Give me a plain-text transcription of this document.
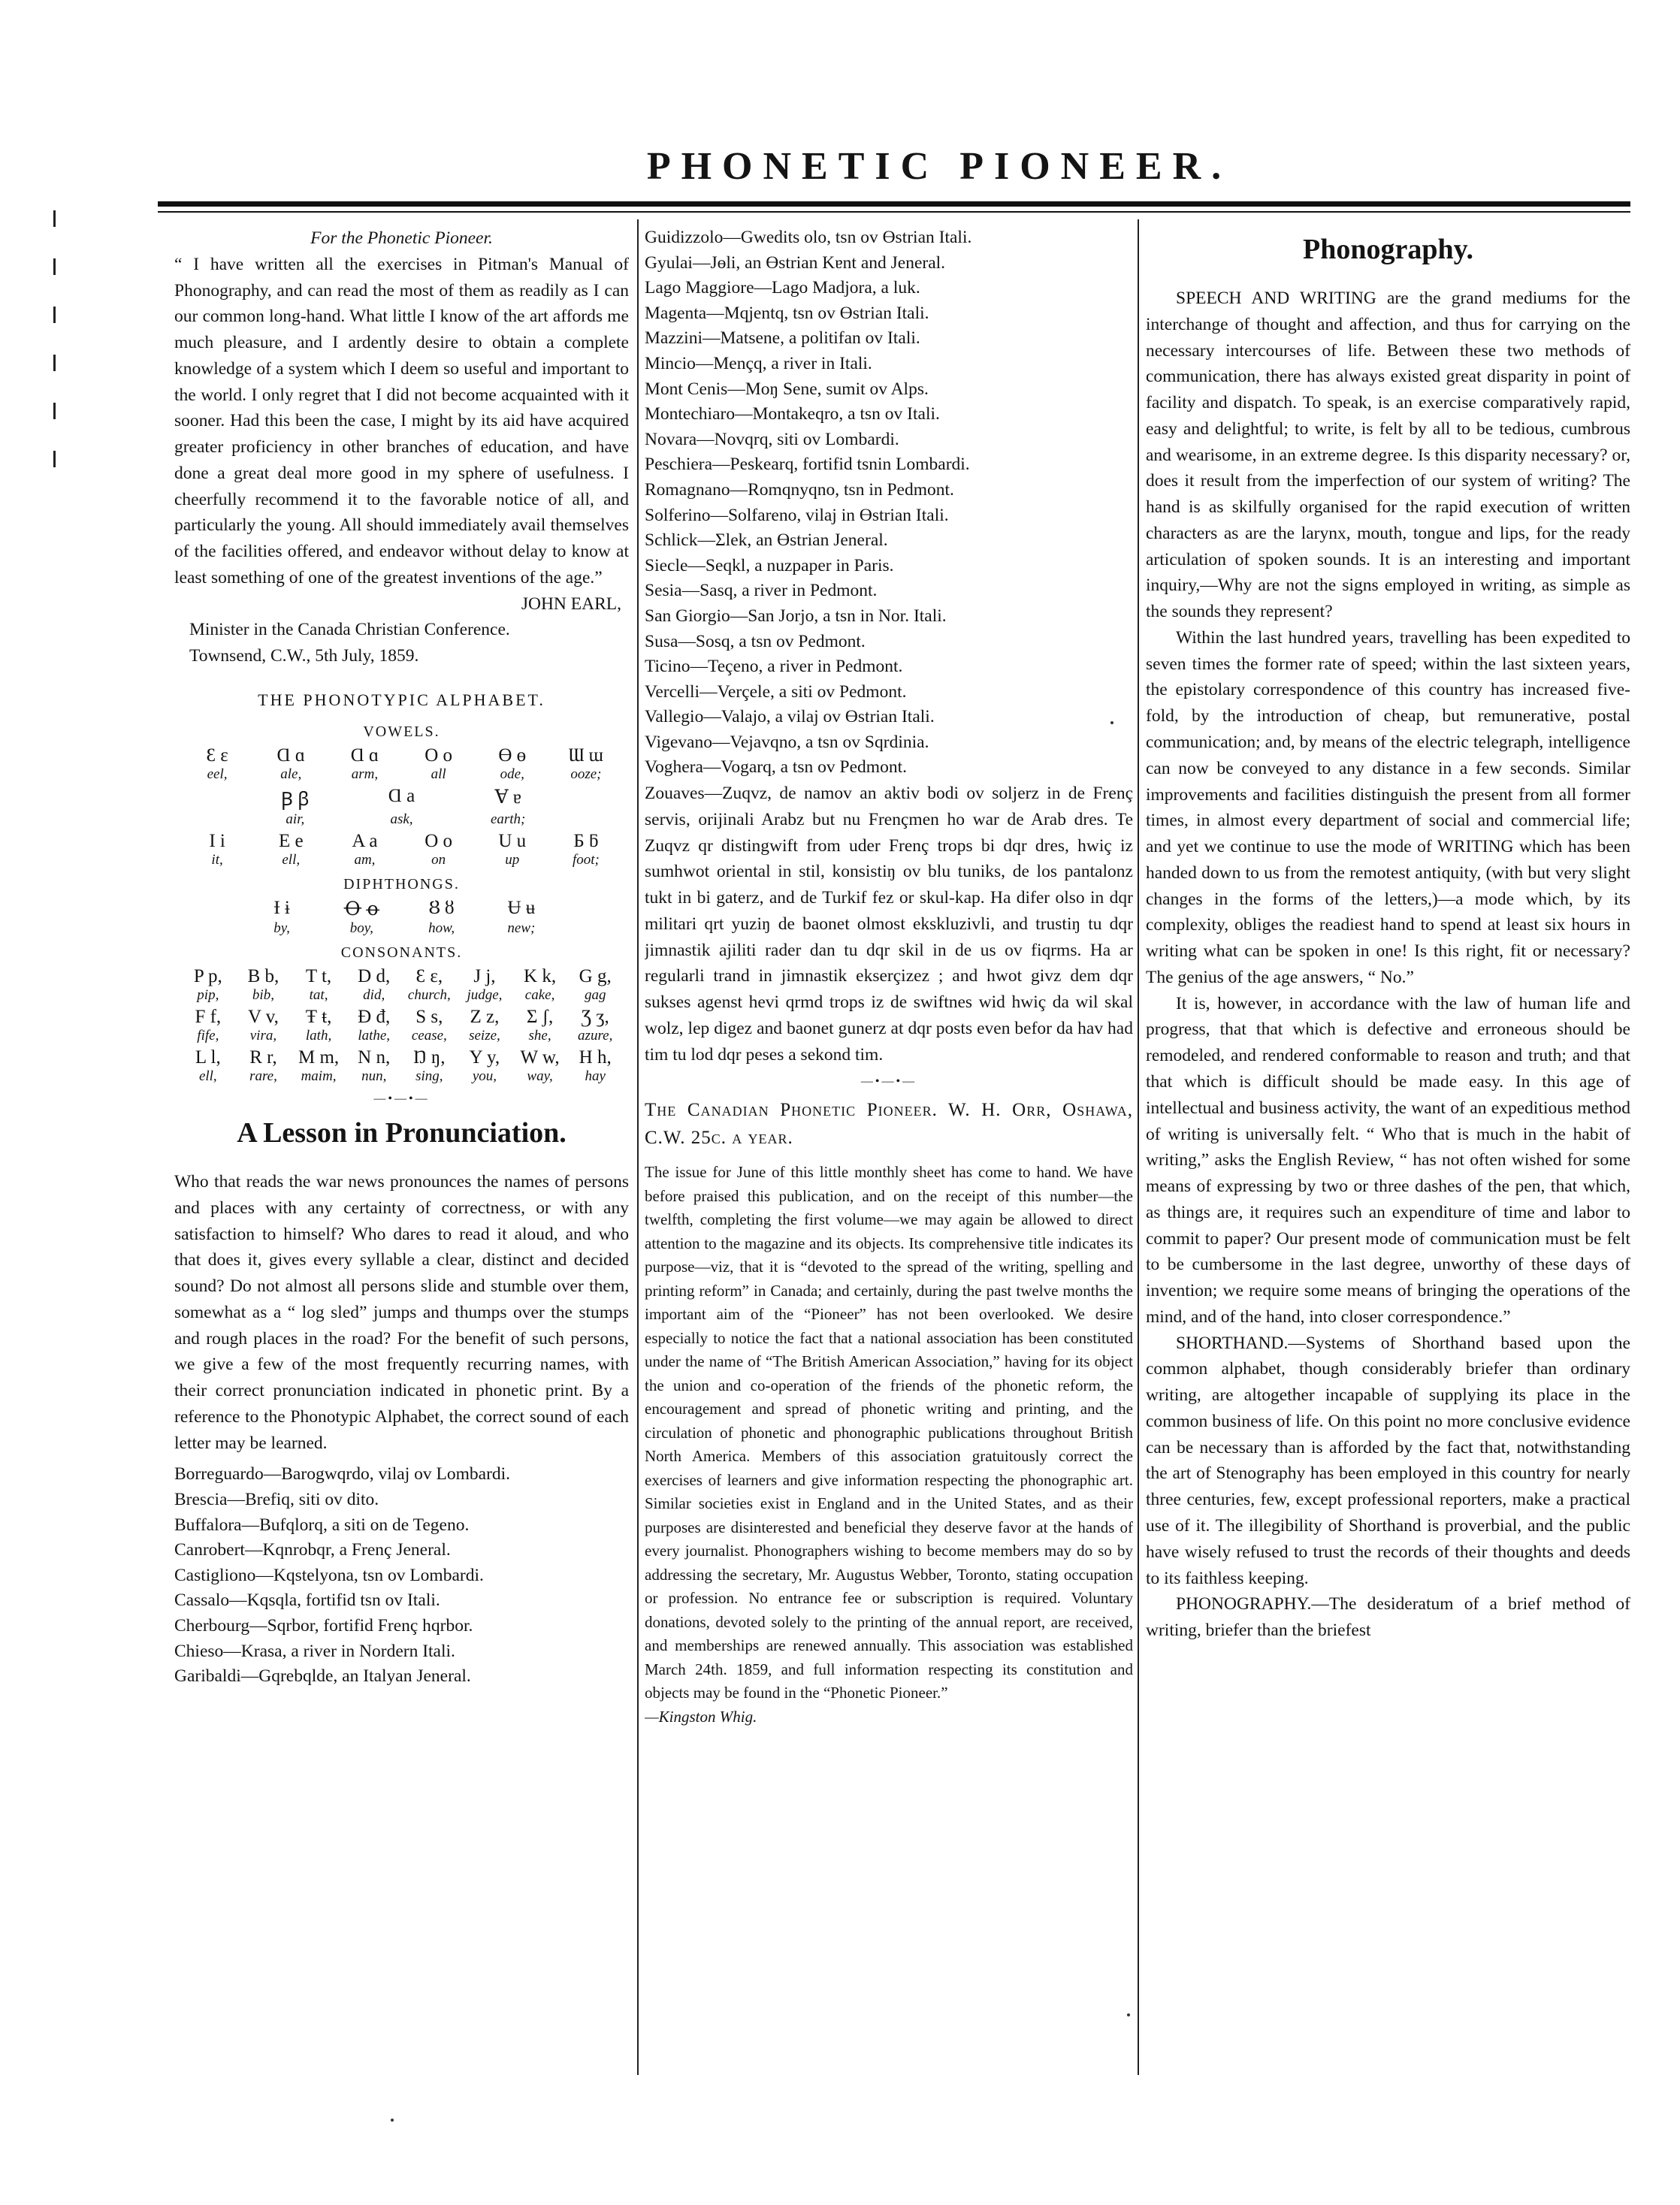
PHONETIC PIONEER.

For the Phonetic Pioneer.

“ I have written all the exercises in Pitman's Manual of Phonography, and can read the most of them as readily as I can our common long-hand. What little I know of the art affords me much pleasure, and I ardently desire to obtain a complete knowledge of a system which I deem so useful and important to the world. I only regret that I did not become acquainted with it sooner. Had this been the case, I might by its aid have acquired greater proficiency in other branches of education, and have done a great deal more good in my sphere of usefulness. I cheerfully recommend it to the favorable notice of all, and particularly the young. All should immediately avail themselves of the facilities offered, and endeavor without delay to know at least something of one of the greatest inventions of the age.”

JOHN EARL,

Minister in the Canada Christian Conference.

Townsend, C.W., 5th July, 1859.

THE PHONOTYPIC ALPHABET.
VOWELS.
Ɛ ɛ	Ɑ ɑ	Ɑ ɑ	O o	Ɵ ɵ	Ɯ ɯ
eel,	ale,	arm,	all	ode,	ooze;
Ꞵ ꞵ	Ɑ a	Ɐ ɐ
air,	ask,	earth;
I i	E e	A a	O o	U u	Ƃ ƃ
it,	ell,	am,	on	up	foot;
DIPHTHONGS.
Ɨ ɨ	Ꝋ ꝋ	Ȣ ȣ	Ʉ ʉ
by,	boy,	how,	new;
CONSONANTS.
P p,	B b,	T t,	D d,	Ɛ ɛ,	J j,	K k,	G g,
pip,	bib,	tat,	did,	church,	judge,	cake,	gag
F f,	V v,	Ŧ ŧ,	Đ đ,	S s,	Z z,	Ʃ ʃ,	Ʒ ʒ,
fife,	vira,	lath,	lathe,	cease,	seize,	she,	azure,
L l,	R r,	M m,	N n,	Ŋ ŋ,	Y y,	W w,	H h,
ell,	rare,	maim,	nun,	sing,	you,	way,	hay
—•—•—
A Lesson in Pronunciation.

Who that reads the war news pronounces the names of persons and places with any certainty of correctness, or with any satisfaction to himself? Who dares to read it aloud, and who that does it, gives every syllable a clear, distinct and decided sound? Do not almost all persons slide and stumble over them, somewhat as a “ log sled” jumps and thumps over the stumps and rough places in the road? For the benefit of such persons, we give a few of the most frequently recurring names, with their correct pronunciation indicated in phonetic print. By a reference to the Phonotypic Alphabet, the correct sound of each letter may be learned.

Borreguardo—Barogwqrdo, vilaj ov Lombardi.
Brescia—Brefiq, siti ov dito.
Buffalora—Bufqlorq, a siti on de Tegeno.
Canrobert—Kqnrobqr, a Frenç Jeneral.
Castigliono—Kqstelyona, tsn ov Lombardi.
Cassalo—Kqsqla, fortifid tsn ov Itali.
Cherbourg—Sqrbor, fortifid Frenç hqrbor.
Chieso—Krasa, a river in Nordern Itali.
Garibaldi—Gqrebqlde, an Italyan Jeneral.
Guidizzolo—Gwedits olo, tsn ov Ɵstrian Itali.
Gyulai—Jɵli, an Ɵstrian Kɐnt and Jeneral.
Lago Maggiore—Lago Madjora, a luk.
Magenta—Mqjentq, tsn ov Ɵstrian Itali.
Mazzini—Matsene, a politifan ov Itali.
Mincio—Mençq, a river in Itali.
Mont Cenis—Moŋ Sene, sumit ov Alps.
Montechiaro—Montakeqro, a tsn ov Itali.
Novara—Novqrq, siti ov Lombardi.
Peschiera—Peskearq, fortifid tsnin Lombardi.
Romagnano—Romqnyqno, tsn in Pedmont.
Solferino—Solfareno, vilaj in Ɵstrian Itali.
Schlick—Ʃlek, an Ɵstrian Jeneral.
Siecle—Seqkl, a nuzpaper in Paris.
Sesia—Sasq, a river in Pedmont.
San Giorgio—San Jorjo, a tsn in Nor. Itali.
Susa—Sosq, a tsn ov Pedmont.
Ticino—Teçeno, a river in Pedmont.
Vercelli—Verçele, a siti ov Pedmont.
Vallegio—Valajo, a vilaj ov Ɵstrian Itali.
Vigevano—Vejavqno, a tsn ov Sqrdinia.
Voghera—Vogarq, a tsn ov Pedmont.

Zouaves—Zuqvz, de namov an aktiv bodi ov soljerz in de Frenç servis, orijinali Arabz but nu Frençmen ho war de Arab dres. Te Zuqvz qr distingwift from uder Frenç trops bi dqr dres, hwiç iz sumhwot oriental in stil, konsistiŋ ov blu tuniks, de los pantalonz tukt in bi gaterz, and de Turkif fez or skul-kap. Ha difer olso in dqr militari qrt yuziŋ de baonet olmost ekskluzivli, and trustiŋ tu dqr jimnastik ajiliti rader dan tu dqr skil in de us ov fiqrms. Ha ar regularli trand in jimnastik ekserçizez ; and hwot givz dem dqr sukses agenst hevi qrmd trops iz de swiftnes wid hwiç da wil skal wolz, lep digez and baonet gunerz at dqr posts even befor da hav had tim tu lod dqr peses a sekond tim.

—•—•—

The Canadian Phonetic Pioneer. W. H. Orr, Oshawa, C.W. 25c. a year.

The issue for June of this little monthly sheet has come to hand. We have before praised this publication, and on the receipt of this number—the twelfth, completing the first volume—we may again be allowed to direct attention to the magazine and its objects. Its comprehensive title indicates its purpose—viz, that it is “devoted to the spread of the writing, spelling and printing reform” in Canada; and certainly, during the past twelve months the important aim of the “Pioneer” has not been overlooked. We desire especially to notice the fact that a national association has been constituted under the name of “The British American Association,” having for its object the union and co-operation of the friends of the phonetic reform, the encouragement and spread of phonetic writing and printing, and the circulation of phonetic and phonographic publications throughout British North America. Members of this association gratuitously correct the exercises of learners and give information respecting the phonographic art. Similar societies exist in England and in the United States, and as their purposes are disinterested and beneficial they deserve favor at the hands of every journalist. Phonographers wishing to become members may do so by addressing the secretary, Mr. Augustus Webber, Toronto, stating occupation or profession. No entrance fee or subscription is required. Voluntary donations, devoted solely to the printing of the annual report, are received, and memberships are renewed annually. This association was established March 24th. 1859, and full information respecting its constitution and objects may be found in the “Phonetic Pioneer.”

—Kingston Whig.

Phonography.

SPEECH AND WRITING are the grand mediums for the interchange of thought and affection, and thus for carrying on the necessary intercourses of life. Between these two methods of communication, there has always existed great disparity in point of facility and dispatch. To speak, is an exercise comparatively rapid, easy and delightful; to write, is felt by all to be tedious, cumbrous and wearisome, in an extreme degree. Is this disparity necessary? or, does it result from the imperfection of our system of writing? The hand is as skilfully organised for the rapid execution of written characters as are the larynx, mouth, tongue and lips, for the ready articulation of spoken sounds. It is an interesting and important inquiry,—Why are not the signs employed in writing, as simple as the sounds they represent?

Within the last hundred years, travelling has been expedited to seven times the former rate of speed; within the last sixteen years, the epistolary correspondence of this country has increased five-fold, by the introduction of cheap, but remunerative, postal communication; and, by means of the electric telegraph, intelligence can now be conveyed to any distance in a few seconds. Similar improvements and facilities distinguish the present from all former times, in almost every department of social and commercial life; and yet we continue to use the mode of WRITING which has been handed down to us from the remotest antiquity, (with but very slight changes in the forms of the letters,)—a mode which, by its complexity, obliges the readiest hand to spend at least six hours in writing what can be spoken in one! Is this right, fit or necessary? The genius of the age answers, “ No.”

It is, however, in accordance with the law of human life and progress, that that which is defective and erroneous should be remodeled, and rendered conformable to reason and truth; and that that which is difficult should be made easy. In this age of intellectual and business activity, the want of an expeditious method of writing is universally felt. “ Who that is much in the habit of writing,” asks the English Review, “ has not often wished for some means of expressing by two or three dashes of the pen, that which, as things are, it requires such an expenditure of time and labor to commit to paper? Our present mode of communication must be felt to be cumbersome in the last degree, unworthy of these days of invention; we require some means of bringing the operations of the mind, and of the hand, into closer correspondence.”

SHORTHAND.—Systems of Shorthand based upon the common alphabet, though considerably briefer than ordinary writing, are altogether incapable of supplying its place in the common business of life. On this point no more conclusive evidence can be necessary than is afforded by the fact that, notwithstanding the art of Stenography has been employed in this country for nearly three centuries, few, except professional reporters, make a practical use of it. The illegibility of Shorthand is proverbial, and the public have wisely refused to trust the records of their thoughts and deeds to its faithless keeping.

PHONOGRAPHY.—The desideratum of a brief method of writing, briefer than the briefest
